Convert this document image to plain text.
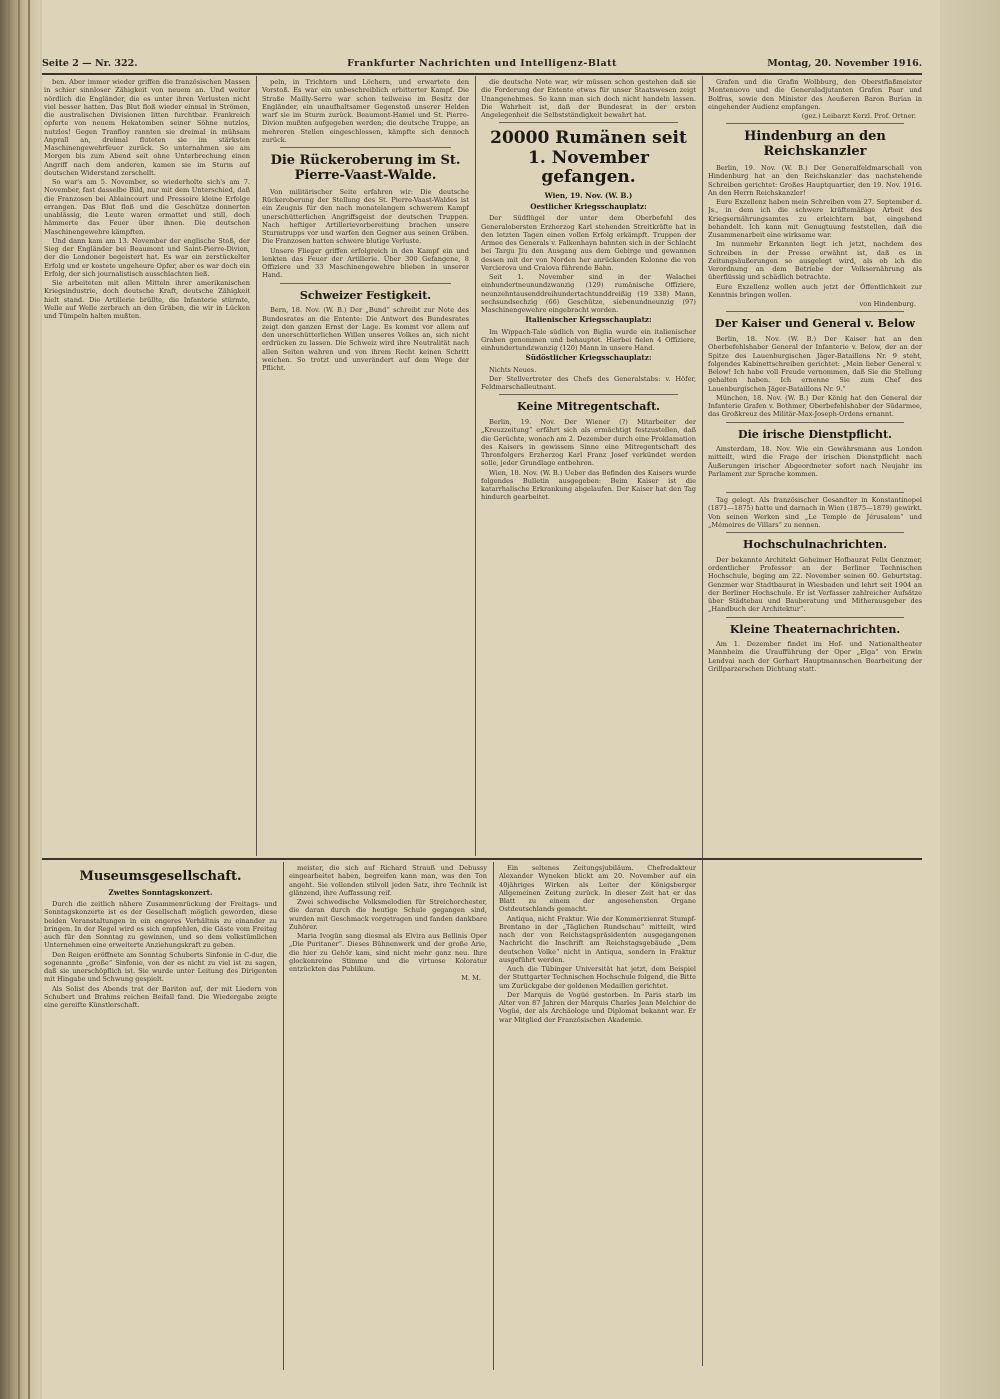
Frankfurter Nachrichten und Intelligenz-Blatt
Seite 2 — Nr. 322.	Montag, 20. November 1916.

ben. Aber immer wieder griffen die französischen Massen in schier sinnloser Zähigkeit von neuem an. Und weiter nördlich die Engländer, die es unter ihren Verlusten nicht viel besser hatten. Das Blut floß wieder einmal in Strömen, die australischen Divisionen litten furchtbar. Frankreich opferte von neuem Hekatomben seiner Söhne nutzlos, nutzlos! Gegen Tranfloy rannten sie dreimal in mühsam Anprall an, dreimal fluteten sie im stärksten Maschinengewehrfeuer zurück. So unternahmen sie am Morgen bis zum Abend seit ohne Unterbrechung einen Angriff nach dem anderen, kamen sie im Sturm auf deutschen Widerstand zerschellt.

So war's am 5. November, so wiederholte sich's am 7. November, fast dasselbe Bild, nur mit dem Unterschied, daß die Franzosen bei Ablaincourt und Pressoire kleine Erfolge errangen. Das Blut floß und die Geschütze donnerten unablässig, die Leute waren ermattet und still, doch hämmerte das Feuer über ihnen. Die deutschen Maschinengewehre kämpften.

Und dann kam am 13. November der englische Stoß, der Sieg der Engländer bei Beaumont und Saint-Pierre-Divion, der die Londoner begeistert hat. Es war ein zerstückelter Erfolg und er kostete ungeheure Opfer, aber es war doch ein Erfolg, der sich journalistisch ausschlachten ließ.

Sie arbeiteten mit allen Mitteln ihrer amerikanischen Kriegsindustrie, doch deutsche Kraft, deutsche Zähigkeit hielt stand. Die Artillerie brüllte, die Infanterie stürmte, Welle auf Welle zerbrach an den Gräben, die wir in Lücken und Tümpeln halten mußten.

peln, in Trichtern und Löchern, und erwartete den Vorstoß. Es war ein unbeschreiblich erbitterter Kampf. Die Straße Mailly-Serre war schon teilweise im Besitz der Engländer, ein unaufhaltsamer Gegenstoß unserer Helden warf sie im Sturm zurück. Beaumont-Hamel und St. Pierre-Divion mußten aufgegeben werden; die deutsche Truppe, an mehreren Stellen eingeschlossen, kämpfte sich dennoch zurück.

Die Rückeroberung im St. Pierre-Vaast-Walde.

Von militärischer Seite erfahren wir: Die deutsche Rückeroberung der Stellung des St. Pierre-Vaast-Waldes ist ein Zeugnis für den nach monatelangem schwerem Kampf unerschütterlichen Angriffsgeist der deutschen Truppen. Nach heftiger Artillerievorbereitung brachen unsere Sturmtrupps vor und warfen den Gegner aus seinen Gräben. Die Franzosen hatten schwere blutige Verluste.

Unsere Flieger griffen erfolgreich in den Kampf ein und lenkten das Feuer der Artillerie. Über 300 Gefangene, 8 Offiziere und 33 Maschinengewehre blieben in unserer Hand.

Schweizer Festigkeit.

Bern, 18. Nov. (W. B.) Der „Bund“ schreibt zur Note des Bundesrates an die Entente: Die Antwort des Bundesrates zeigt den ganzen Ernst der Lage. Es kommt vor allem auf den unerschütterlichen Willen unseres Volkes an, sich nicht erdrücken zu lassen. Die Schweiz wird ihre Neutralität nach allen Seiten wahren und von ihrem Recht keinen Schritt weichen. So trotzt und unverändert auf dem Wege der Pflicht.

die deutsche Note war, wir müssen schon gestehen daß sie die Forderung der Entente etwas für unser Staatswesen zeigt Unangenehmes. So kann man sich doch nicht handeln lassen. Die Wahrheit ist, daß der Bundesrat in der ersten Angelegenheit die Selbstständigkeit bewahrt hat.

20000 Rumänen seit 1. November gefangen.
Wien, 19. Nov. (W. B.)
Oestlicher Kriegsschauplatz:

Der Südflügel der unter dem Oberbefehl des Generalobersten Erzherzog Karl stehenden Streitkräfte hat in den letzten Tagen einen vollen Erfolg erkämpft. Truppen der Armee des Generals v. Falkenhayn bahnten sich in der Schlacht bei Targu Jiu den Ausgang aus dem Gebirge und gewannen dessen mit der von Norden her anrückenden Kolonne die von Vercierova und Craiova führende Bahn.

Seit 1. November sind in der Walachei einhundertneunundzwanzig (129) rumänische Offiziere, neunzehntausenddreihundertachtunddreißig (19 338) Mann, sechsundsechzig (66) Geschütze, siebenundneunzig (97) Maschinengewehre eingebracht worden.

Italienischer Kriegsschauplatz:

Im Wippach-Tale südlich von Biglia wurde ein italienischer Graben genommen und behauptet. Hierbei fielen 4 Offiziere, einhundertundzwanzig (120) Mann in unsere Hand.

Südöstlicher Kriegsschauplatz:

Nichts Neues.

Der Stellvertreter des Chefs des Generalstabs: v. Höfer, Feldmarschalleutnant.

Keine Mitregentschaft.

Berlin, 19. Nov. Der Wiener (?) Mitarbeiter der „Kreuzzeitung“ erfährt sich als ermächtigt festzustellen, daß die Gerüchte, wonach am 2. Dezember durch eine Proklamation des Kaisers in gewissem Sinne eine Mitregentschaft des Thronfolgers Erzherzog Karl Franz Josef verkündet werden solle, jeder Grundlage entbehren.

Wien, 18. Nov. (W. B.) Ueber das Befinden des Kaisers wurde folgendes Bulletin ausgegeben: Beim Kaiser ist die katarrhalische Erkrankung abgelaufen. Der Kaiser hat den Tag hindurch gearbeitet.

Grafen und die Grafin Wolbburg, den Oberstflaßmeister Montenuovo und die Generaladjutanten Grafen Paar und Bolfras, sowie den Minister des Aeußeren Baron Burian in eingehender Audienz empfangen.

(gez.) Leibarzt Kerzl. Prof. Ortner.
Hindenburg an den Reichskanzler

Berlin, 19. Nov. (W. B.) Der Generalfeldmarschall von Hindenburg hat an den Reichskanzler das nachstehende Schreiben gerichtet: Großes Hauptquartier, den 19. Nov. 1916. An den Herrn Reichskanzler!

Eure Exzellenz haben mein Schreiben vom 27. September d. Js., in dem ich die schwere kräftemäßige Arbeit des Kriegsernährungsamtes zu erleichtern bat, eingehend behandelt. Ich kann mit Genugtuung feststellen, daß die Zusammenarbeit eine wirksame war.

Im nunmehr Erkannten liegt ich jetzt, nachdem des Schreiben in der Presse erwähnt ist, daß es in Zeitungsäußerungen so ausgelegt wird, als ob ich die Verordnung an dem Betriebe der Volksernährung als überflüssig und schädlich betrachte.

Eure Exzellenz wollen auch jetzt der Öffentlichkeit zur Kenntnis bringen wollen.

von Hindenburg.
Der Kaiser und General v. Below

Berlin, 18. Nov. (W. B.) Der Kaiser hat an den Oberbefehlshaber General der Infanterie v. Below, der an der Spitze des Lauenburgischen Jäger-Bataillons Nr. 9 steht, folgendes Kabinettschreiben gerichtet: „Mein lieber General v. Below! Ich habe voll Freude vernommen, daß Sie die Stellung gehalten haben. Ich ernenne Sie zum Chef des Lauenburgischen Jäger-Bataillons Nr. 9.“

München, 18. Nov. (W. B.) Der König hat den General der Infanterie Grafen v. Bothmer, Oberbefehlshaber der Südarmee, das Großkreuz des Militär-Max-Joseph-Ordens ernannt.

Die irische Dienstpflicht.

Amsterdam, 18. Nov. Wie ein Gewährsmann aus London mitteilt, wird die Frage der irischen Dienstpflicht nach Äußerungen irischer Abgeordneter sofort nach Neujahr im Parlament zur Sprache kommen.

Tag gelegt. Als französischer Gesandter in Konstantinopel (1871—1875) hatte und darnach in Wien (1875—1879) gewirkt. Von seinen Werken sind „Le Temple de Jérusalem“ und „Mémoires de Villars“ zu nennen.

Hochschulnachrichten.

Der bekannte Architekt Geheimer Hofbaurat Felix Genzmer, ordentlicher Professor an der Berliner Technischen Hochschule, beging am 22. November seinen 60. Geburtstag. Genzmer war Stadtbaurat in Wiesbaden und lehrt seit 1904 an der Berliner Hochschule. Er ist Verfasser zahlreicher Aufsätze über Städtebau und Bauberatung und Mitherausgeber des „Handbuch der Architektur“.

Kleine Theaternachrichten.

Am 1. Dezember findet im Hof- und Nationaltheater Mannheim die Uraufführung der Oper „Elga“ von Erwin Lendvai nach der Gerhart Hauptmannschen Bearbeitung der Grillparzerschen Dichtung statt.

Museumsgesellschaft.
Zweites Sonntagskonzert.

Durch die zeitlich nähere Zusammenrückung der Freitags- und Sonntagskonzerte ist es der Gesellschaft möglich geworden, diese beiden Veranstaltungen in ein engeres Verhältnis zu einander zu bringen. In der Regel wird es sich empfehlen, die Gäste vom Freitag auch für den Sonntag zu gewinnen, und so dem volkstümlichen Unternehmen eine erweiterte Anziehungskraft zu geben.

Den Reigen eröffnete am Sonntag Schuberts Sinfonie in C-dur, die sogenannte „große“ Sinfonie, von der es nicht zu viel ist zu sagen, daß sie unerschöpflich ist. Sie wurde unter Leitung des Dirigenten mit Hingabe und Schwung gespielt.

Als Solist des Abends trat der Bariton auf, der mit Liedern von Schubert und Brahms reichen Beifall fand. Die Wiedergabe zeigte eine gereifte Künstlerschaft.

meister, die sich auf Richard Strauß und Debussy eingearbeitet haben, begreifen kann man, was den Ton angeht. Sie vollenden stilvoll jeden Satz, ihre Technik ist glänzend, ihre Auffassung reif.

Zwei schwedische Volksmelodien für Streichorchester, die daran durch die heutige Schule gegangen sind, wurden mit Geschmack vorgetragen und fanden dankbare Zuhörer.

Maria Ivogün sang diesmal als Elvira aus Bellinis Oper „Die Puritaner“. Dieses Bühnenwerk und der große Arie, die hier zu Gehör kam, sind nicht mehr ganz neu. Ihre glockenreine Stimme und die virtuose Koloratur entzückten das Publikum.

M. M.

Ein seltenes Zeitungsjubiläum. Chefredakteur Alexander Wyneken blickt am 20. November auf ein 40jähriges Wirken als Leiter der Königsberger Allgemeinen Zeitung zurück. In dieser Zeit hat er das Blatt zu einem der angesehensten Organe Ostdeutschlands gemacht.

Antiqua, nicht Fraktur. Wie der Kommerzienrat Stumpf-Brentano in der „Täglichen Rundschau“ mitteilt, wird nach der von Reichstagspräsidenten ausgegangenen Nachricht die Inschrift am Reichstagsgebäude „Dem deutschen Volke“ nicht in Antiqua, sondern in Fraktur ausgeführt werden.

Auch die Tübinger Universität hat jetzt, dem Beispiel der Stuttgarter Technischen Hochschule folgend, die Bitte um Zurückgabe der goldenen Medaillen gerichtet.

Der Marquis de Vogüé gestorben. In Paris starb im Alter von 87 Jahren der Marquis Charles Jean Melchior de Vogüé, der als Archäologe und Diplomat bekannt war. Er war Mitglied der Französischen Akademie.
